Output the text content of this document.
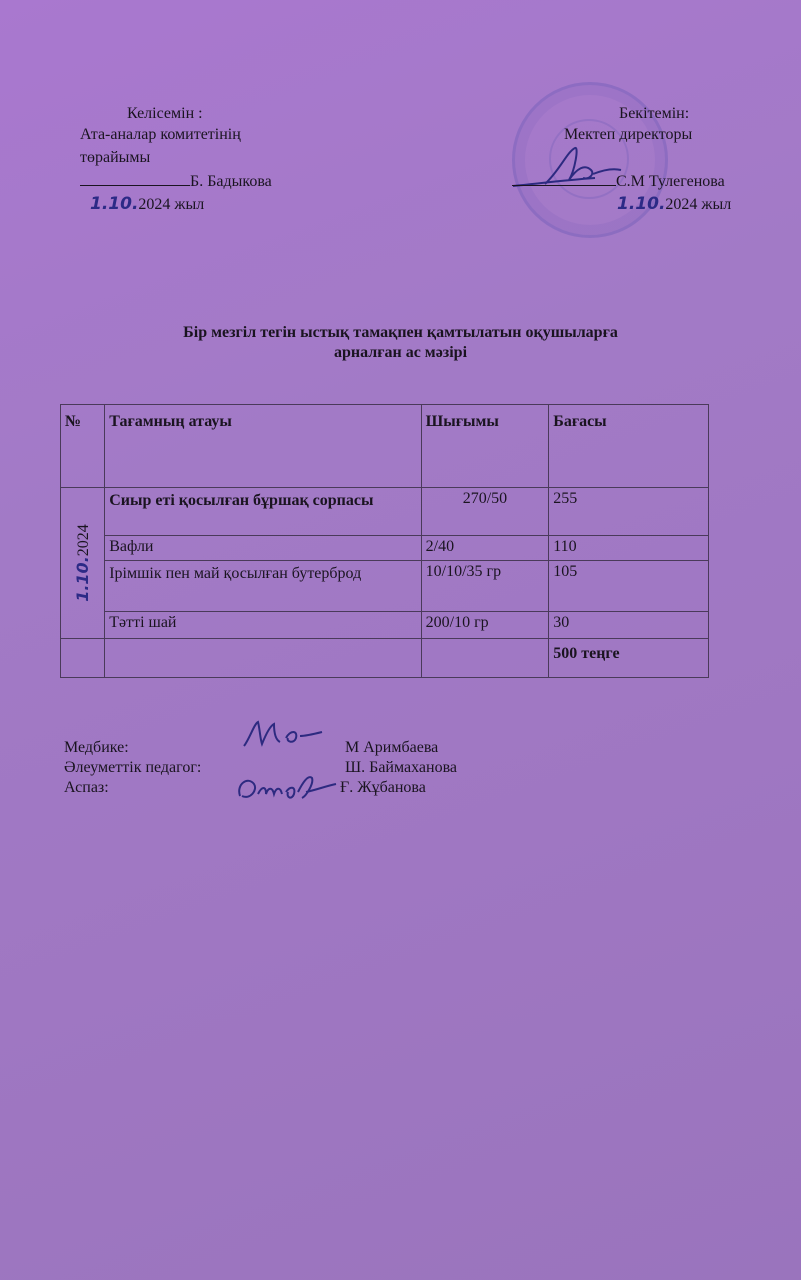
Келісемін :
Ата-аналар комитетінің
төрайымы
Б. Бадыкова
1.10.2024 жыл
Бекітемін:
Мектеп директоры
С.М Тулегенова
1.10.2024 жыл
Бір мезгіл тегін ыстық тамақпен қамтылатын оқушыларға
арналған ас мәзірі
№	Тағамның атауы	Шығымы	Бағасы

1.10.2024	Сиыр еті қосылған бұршақ сорпасы	270/50	255
	Вафли	2/40	110
	Ірімшік пен май қосылған бутерброд	10/10/35 гр	105
	Тәтті шай	200/10 гр	30
			500 теңге
Медбике:	М Аримбаева
Әлеуметтік педагог:	Ш. Баймаханова
Аспаз:	Ғ. Жұбанова
